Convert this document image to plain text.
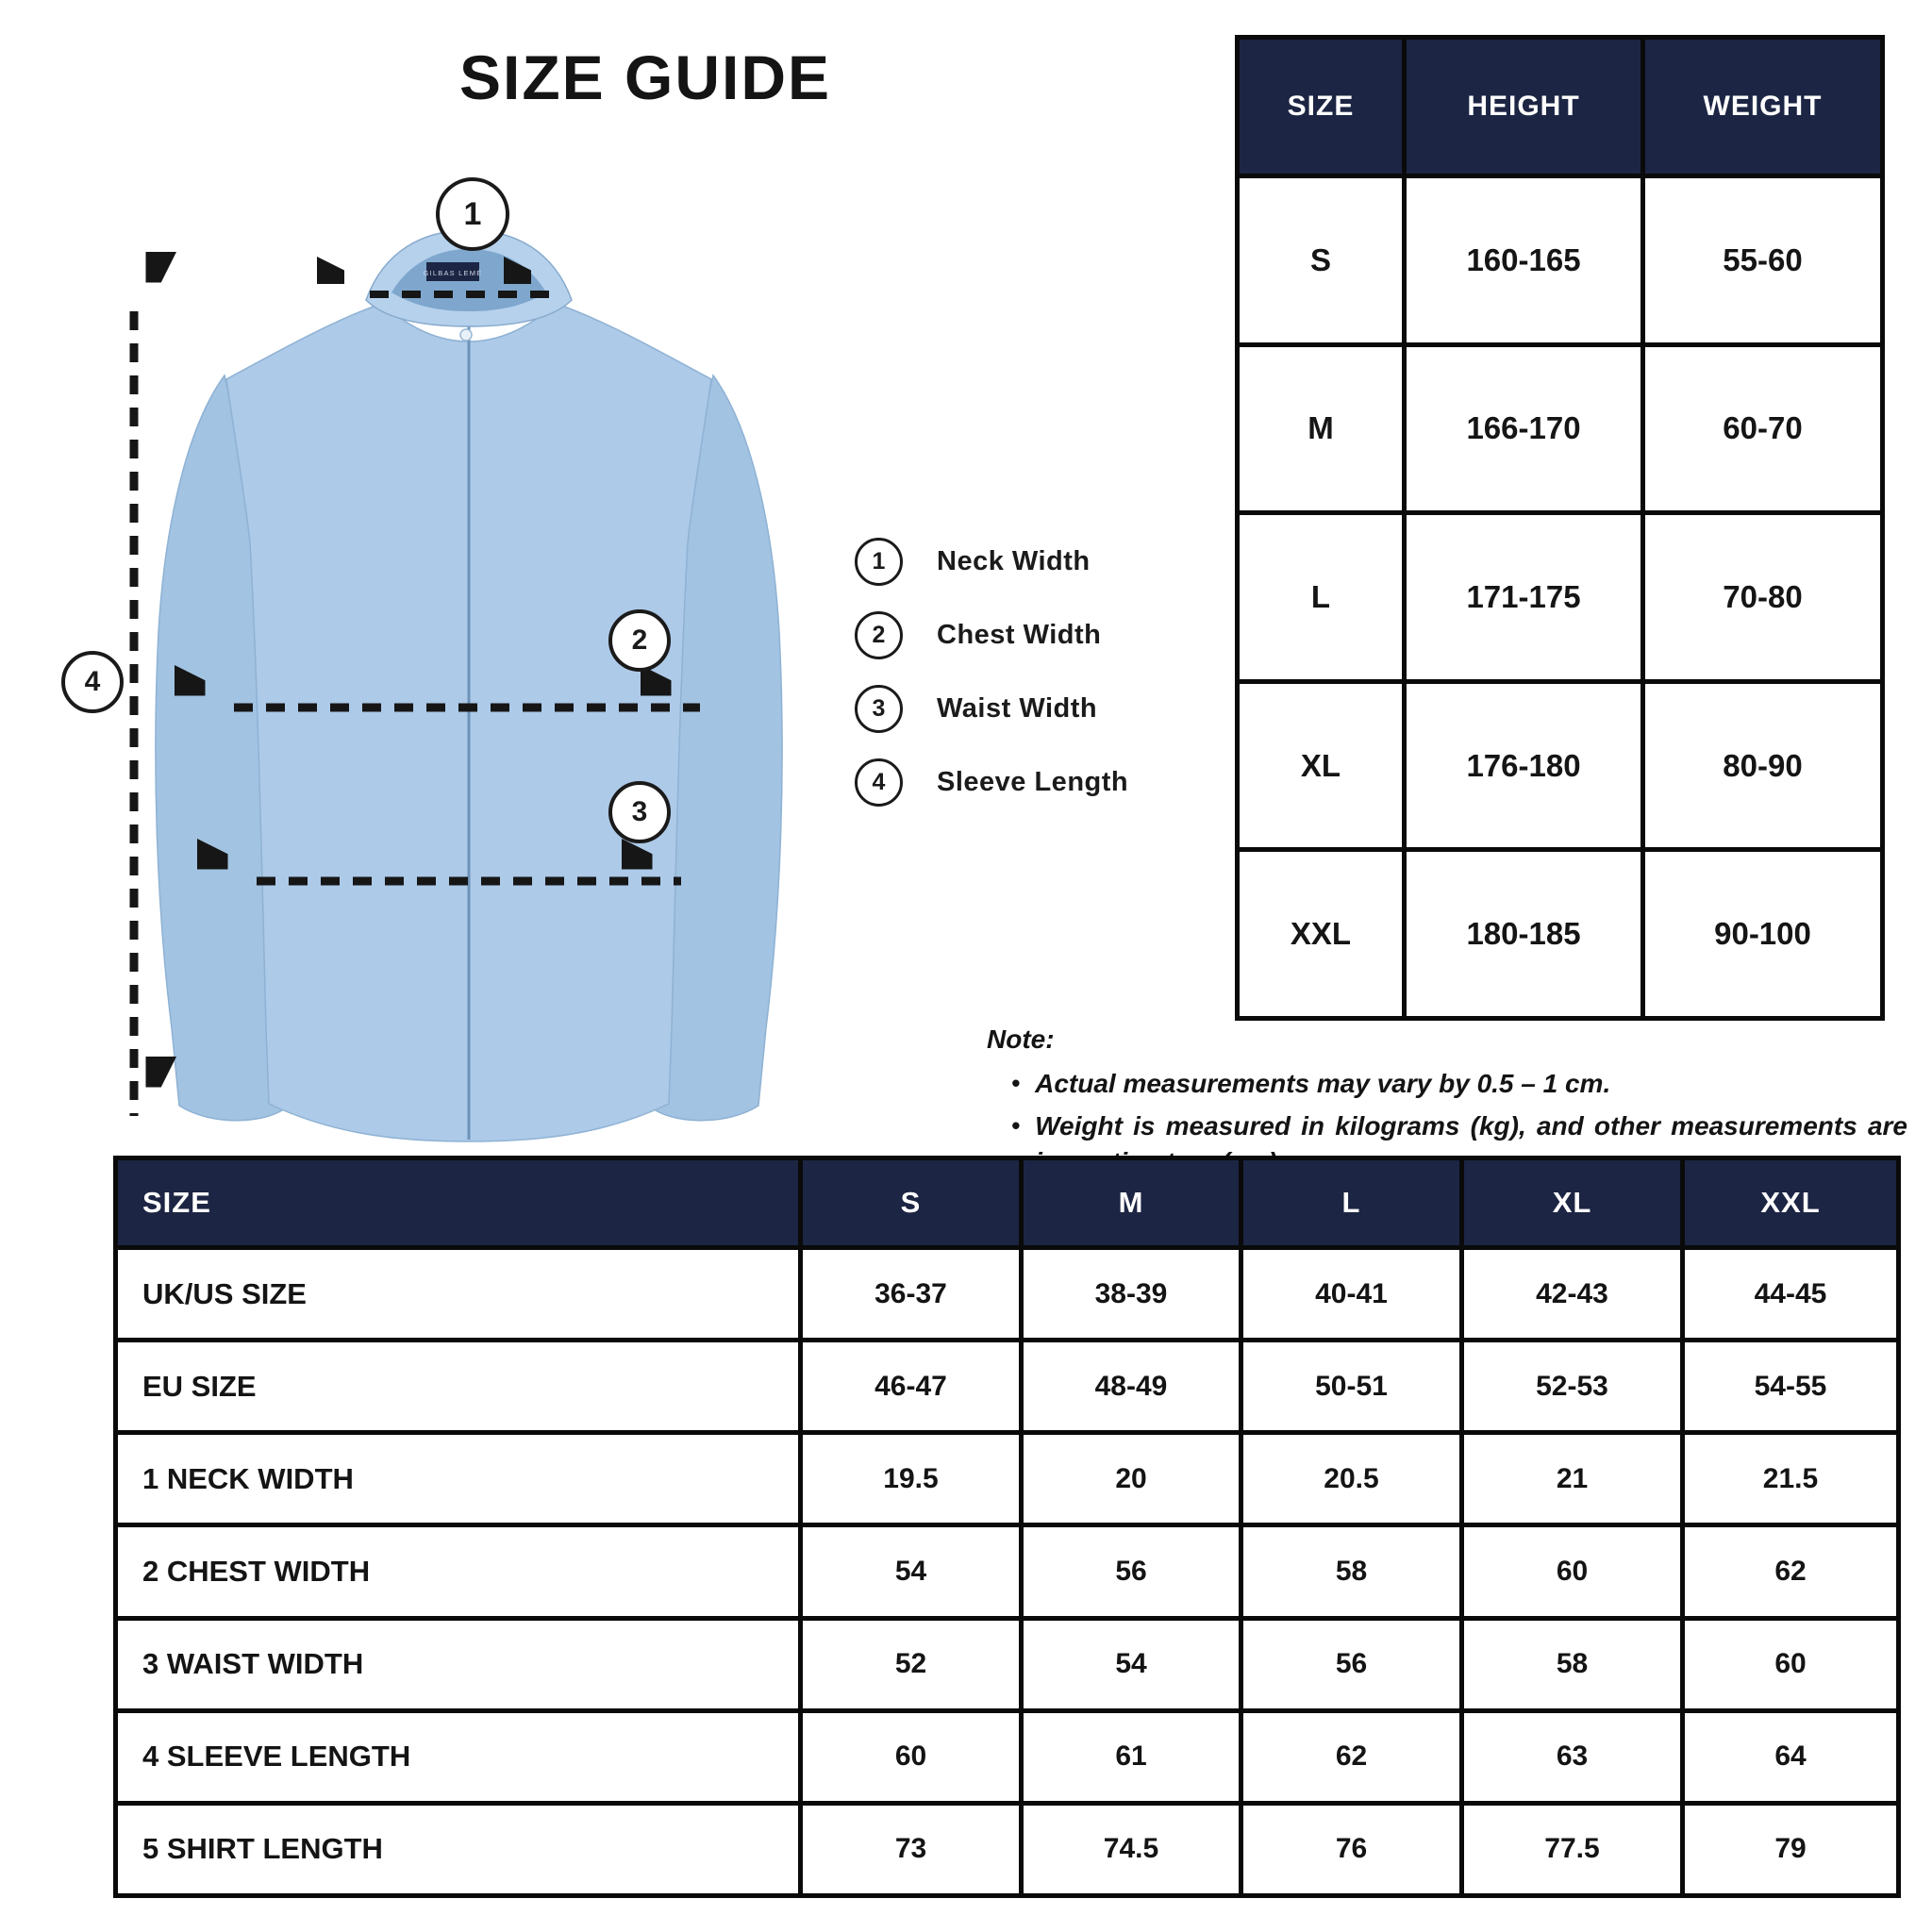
SIZE GUIDE
GILBAS LEMÉ
1
2
3
4
1	Neck Width
2	Chest Width
3	Waist Width
4	Sleeve Length
SIZE	HEIGHT	WEIGHT
S	160-165	55-60
M	166-170	60-70
L	171-175	70-80
XL	176-180	80-90
XXL	180-185	90-100

Note:

• Actual measurements may vary by 0.5 – 1 cm.
• Weight is measured in kilograms (kg), and other measurements are
SIZE	S	M	L	XL	XXL
UK/US SIZE	36-37	38-39	40-41	42-43	44-45
EU SIZE	46-47	48-49	50-51	52-53	54-55
1 NECK WIDTH	19.5	20	20.5	21	21.5
2 CHEST WIDTH	54	56	58	60	62
3 WAIST WIDTH	52	54	56	58	60
4 SLEEVE LENGTH	60	61	62	63	64
5 SHIRT LENGTH	73	74.5	76	77.5	79
